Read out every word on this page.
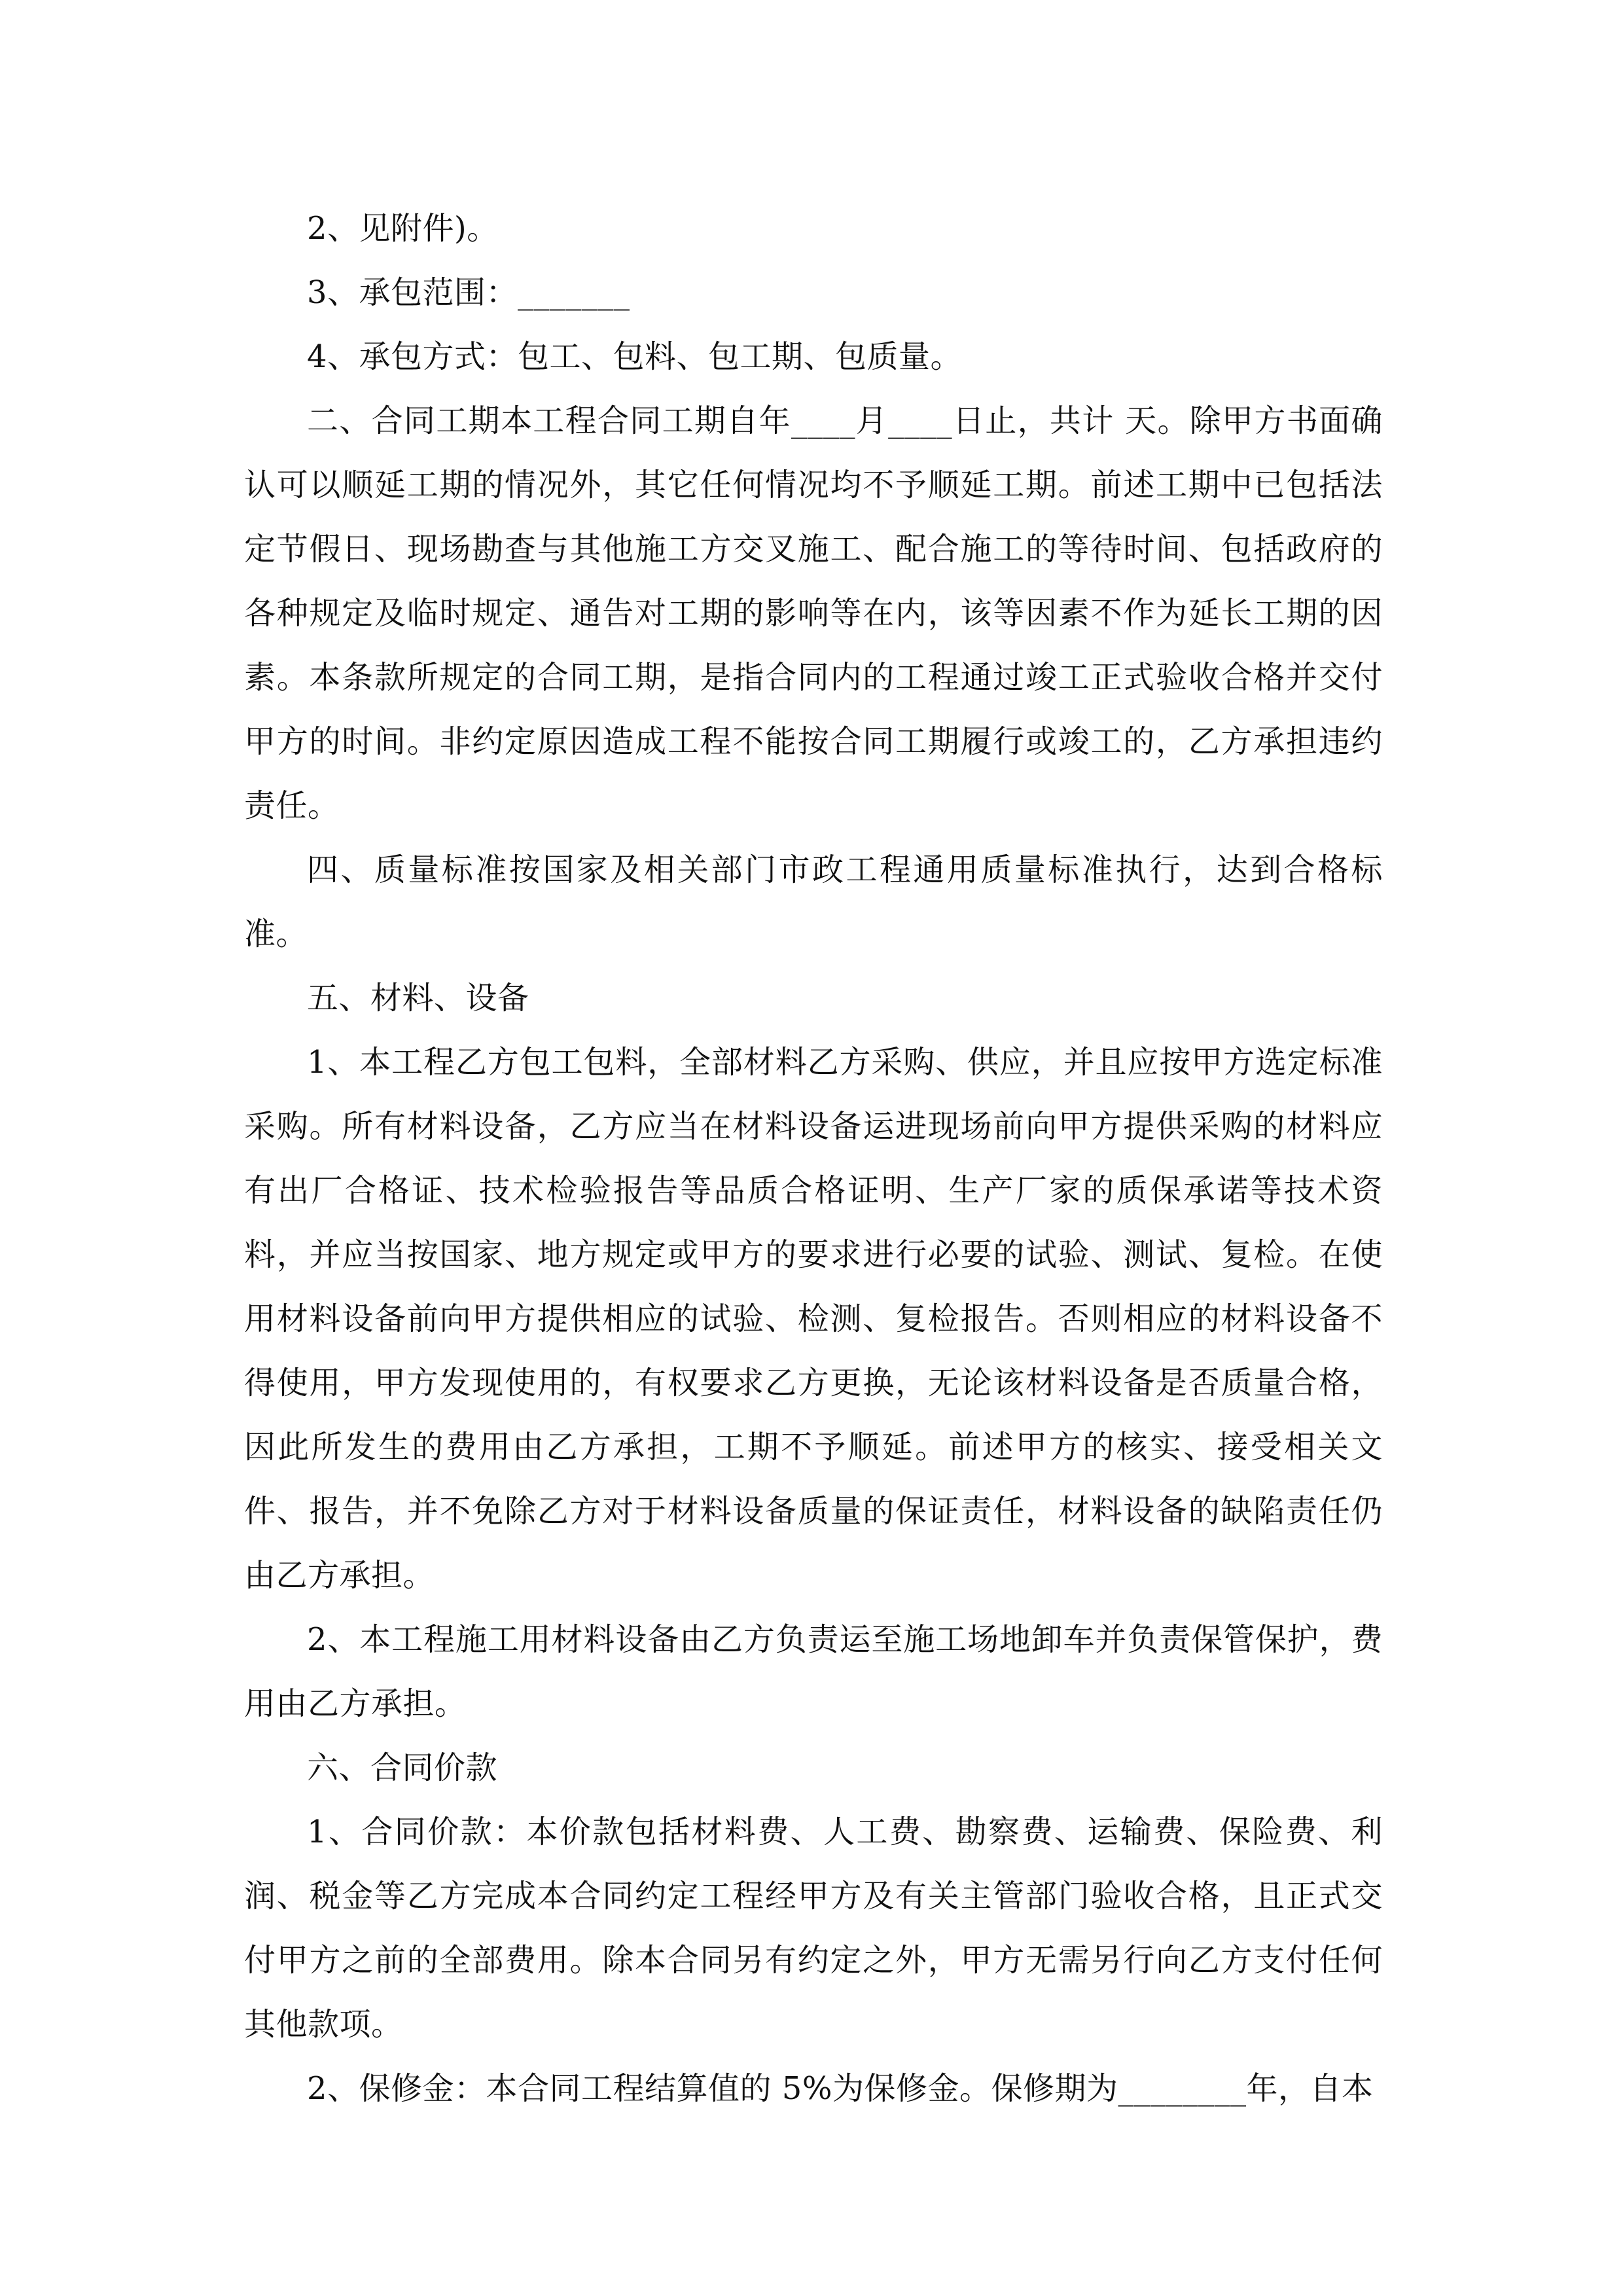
2、见附件)。

3、承包范围：_______

4、承包方式：包工、包料、包工期、包质量。

二、合同工期本工程合同工期自年____月____日止，共计 天。除甲方书面确认可以顺延工期的情况外，其它任何情况均不予顺延工期。前述工期中已包括法定节假日、现场勘查与其他施工方交叉施工、配合施工的等待时间、包括政府的各种规定及临时规定、通告对工期的影响等在内，该等因素不作为延长工期的因素。本条款所规定的合同工期，是指合同内的工程通过竣工正式验收合格并交付甲方的时间。非约定原因造成工程不能按合同工期履行或竣工的，乙方承担违约责任。

四、质量标准按国家及相关部门市政工程通用质量标准执行，达到合格标准。

五、材料、设备

1、本工程乙方包工包料，全部材料乙方采购、供应，并且应按甲方选定标准采购。所有材料设备，乙方应当在材料设备运进现场前向甲方提供采购的材料应有出厂合格证、技术检验报告等品质合格证明、生产厂家的质保承诺等技术资料，并应当按国家、地方规定或甲方的要求进行必要的试验、测试、复检。在使用材料设备前向甲方提供相应的试验、检测、复检报告。否则相应的材料设备不得使用，甲方发现使用的，有权要求乙方更换，无论该材料设备是否质量合格，因此所发生的费用由乙方承担，工期不予顺延。前述甲方的核实、接受相关文件、报告，并不免除乙方对于材料设备质量的保证责任，材料设备的缺陷责任仍由乙方承担。

2、本工程施工用材料设备由乙方负责运至施工场地卸车并负责保管保护，费用由乙方承担。

六、合同价款

1、合同价款：本价款包括材料费、人工费、勘察费、运输费、保险费、利润、税金等乙方完成本合同约定工程经甲方及有关主管部门验收合格，且正式交付甲方之前的全部费用。除本合同另有约定之外，甲方无需另行向乙方支付任何其他款项。

2、保修金：本合同工程结算值的 5%为保修金。保修期为________年，自本
